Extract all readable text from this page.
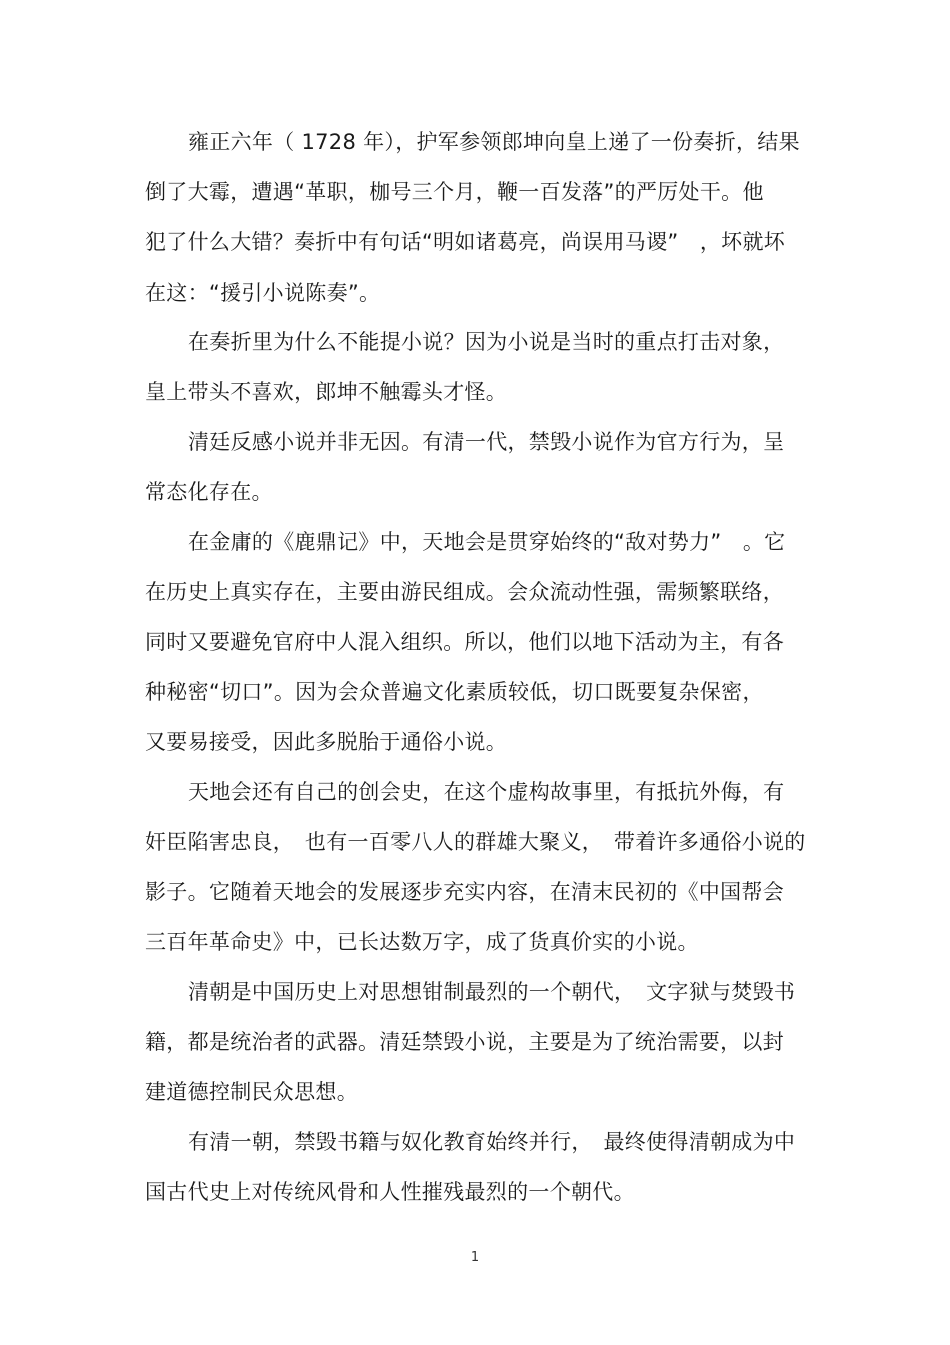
雍正六年（ 1728 年），护军参领郎坤向皇上递了一份奏折，结果
倒了大霉，遭遇“革职，枷号三个月，鞭一百发落”的严厉处干。他
犯了什么大错？奏折中有句话“明如诸葛亮，尚误用马谡”　，坏就坏
在这：“援引小说陈奏”。
在奏折里为什么不能提小说？因为小说是当时的重点打击对象，
皇上带头不喜欢，郎坤不触霉头才怪。
清廷反感小说并非无因。有清一代，禁毁小说作为官方行为，呈
常态化存在。
在金庸的《鹿鼎记》中，天地会是贯穿始终的“敌对势力”　。它
在历史上真实存在，主要由游民组成。会众流动性强，需频繁联络，
同时又要避免官府中人混入组织。所以，他们以地下活动为主，有各
种秘密“切口”。因为会众普遍文化素质较低，切口既要复杂保密，
又要易接受，因此多脱胎于通俗小说。
天地会还有自己的创会史，在这个虚构故事里，有抵抗外侮，有
奸臣陷害忠良，　也有一百零八人的群雄大聚义，　带着许多通俗小说的
影子。它随着天地会的发展逐步充实内容，在清末民初的《中国帮会
三百年革命史》中，已长达数万字，成了货真价实的小说。
清朝是中国历史上对思想钳制最烈的一个朝代，　文字狱与焚毁书
籍，都是统治者的武器。清廷禁毁小说，主要是为了统治需要，以封
建道德控制民众思想。
有清一朝，禁毁书籍与奴化教育始终并行，　最终使得清朝成为中
国古代史上对传统风骨和人性摧残最烈的一个朝代。
1
